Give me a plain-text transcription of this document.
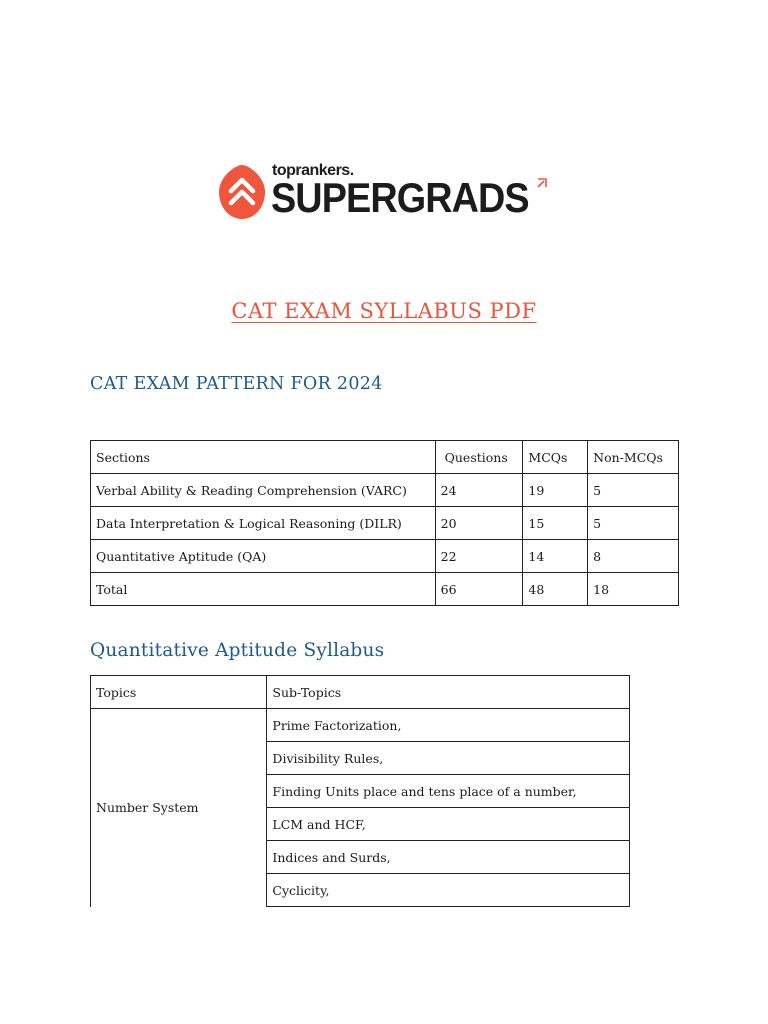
toprankers.
SUPERGRADS
CAT EXAM SYLLABUS PDF
CAT EXAM PATTERN FOR 2024
Sections	Questions	MCQs	Non-MCQs
Verbal Ability & Reading Comprehension (VARC)	24	19	5
Data Interpretation & Logical Reasoning (DILR)	20	15	5
Quantitative Aptitude (QA)	22	14	8
Total	66	48	18
Quantitative Aptitude Syllabus
Topics	Sub-Topics
Number System	Prime Factorization,
	Divisibility Rules,
	Finding Units place and tens place of a number,
	LCM and HCF,
	Indices and Surds,
	Cyclicity,
